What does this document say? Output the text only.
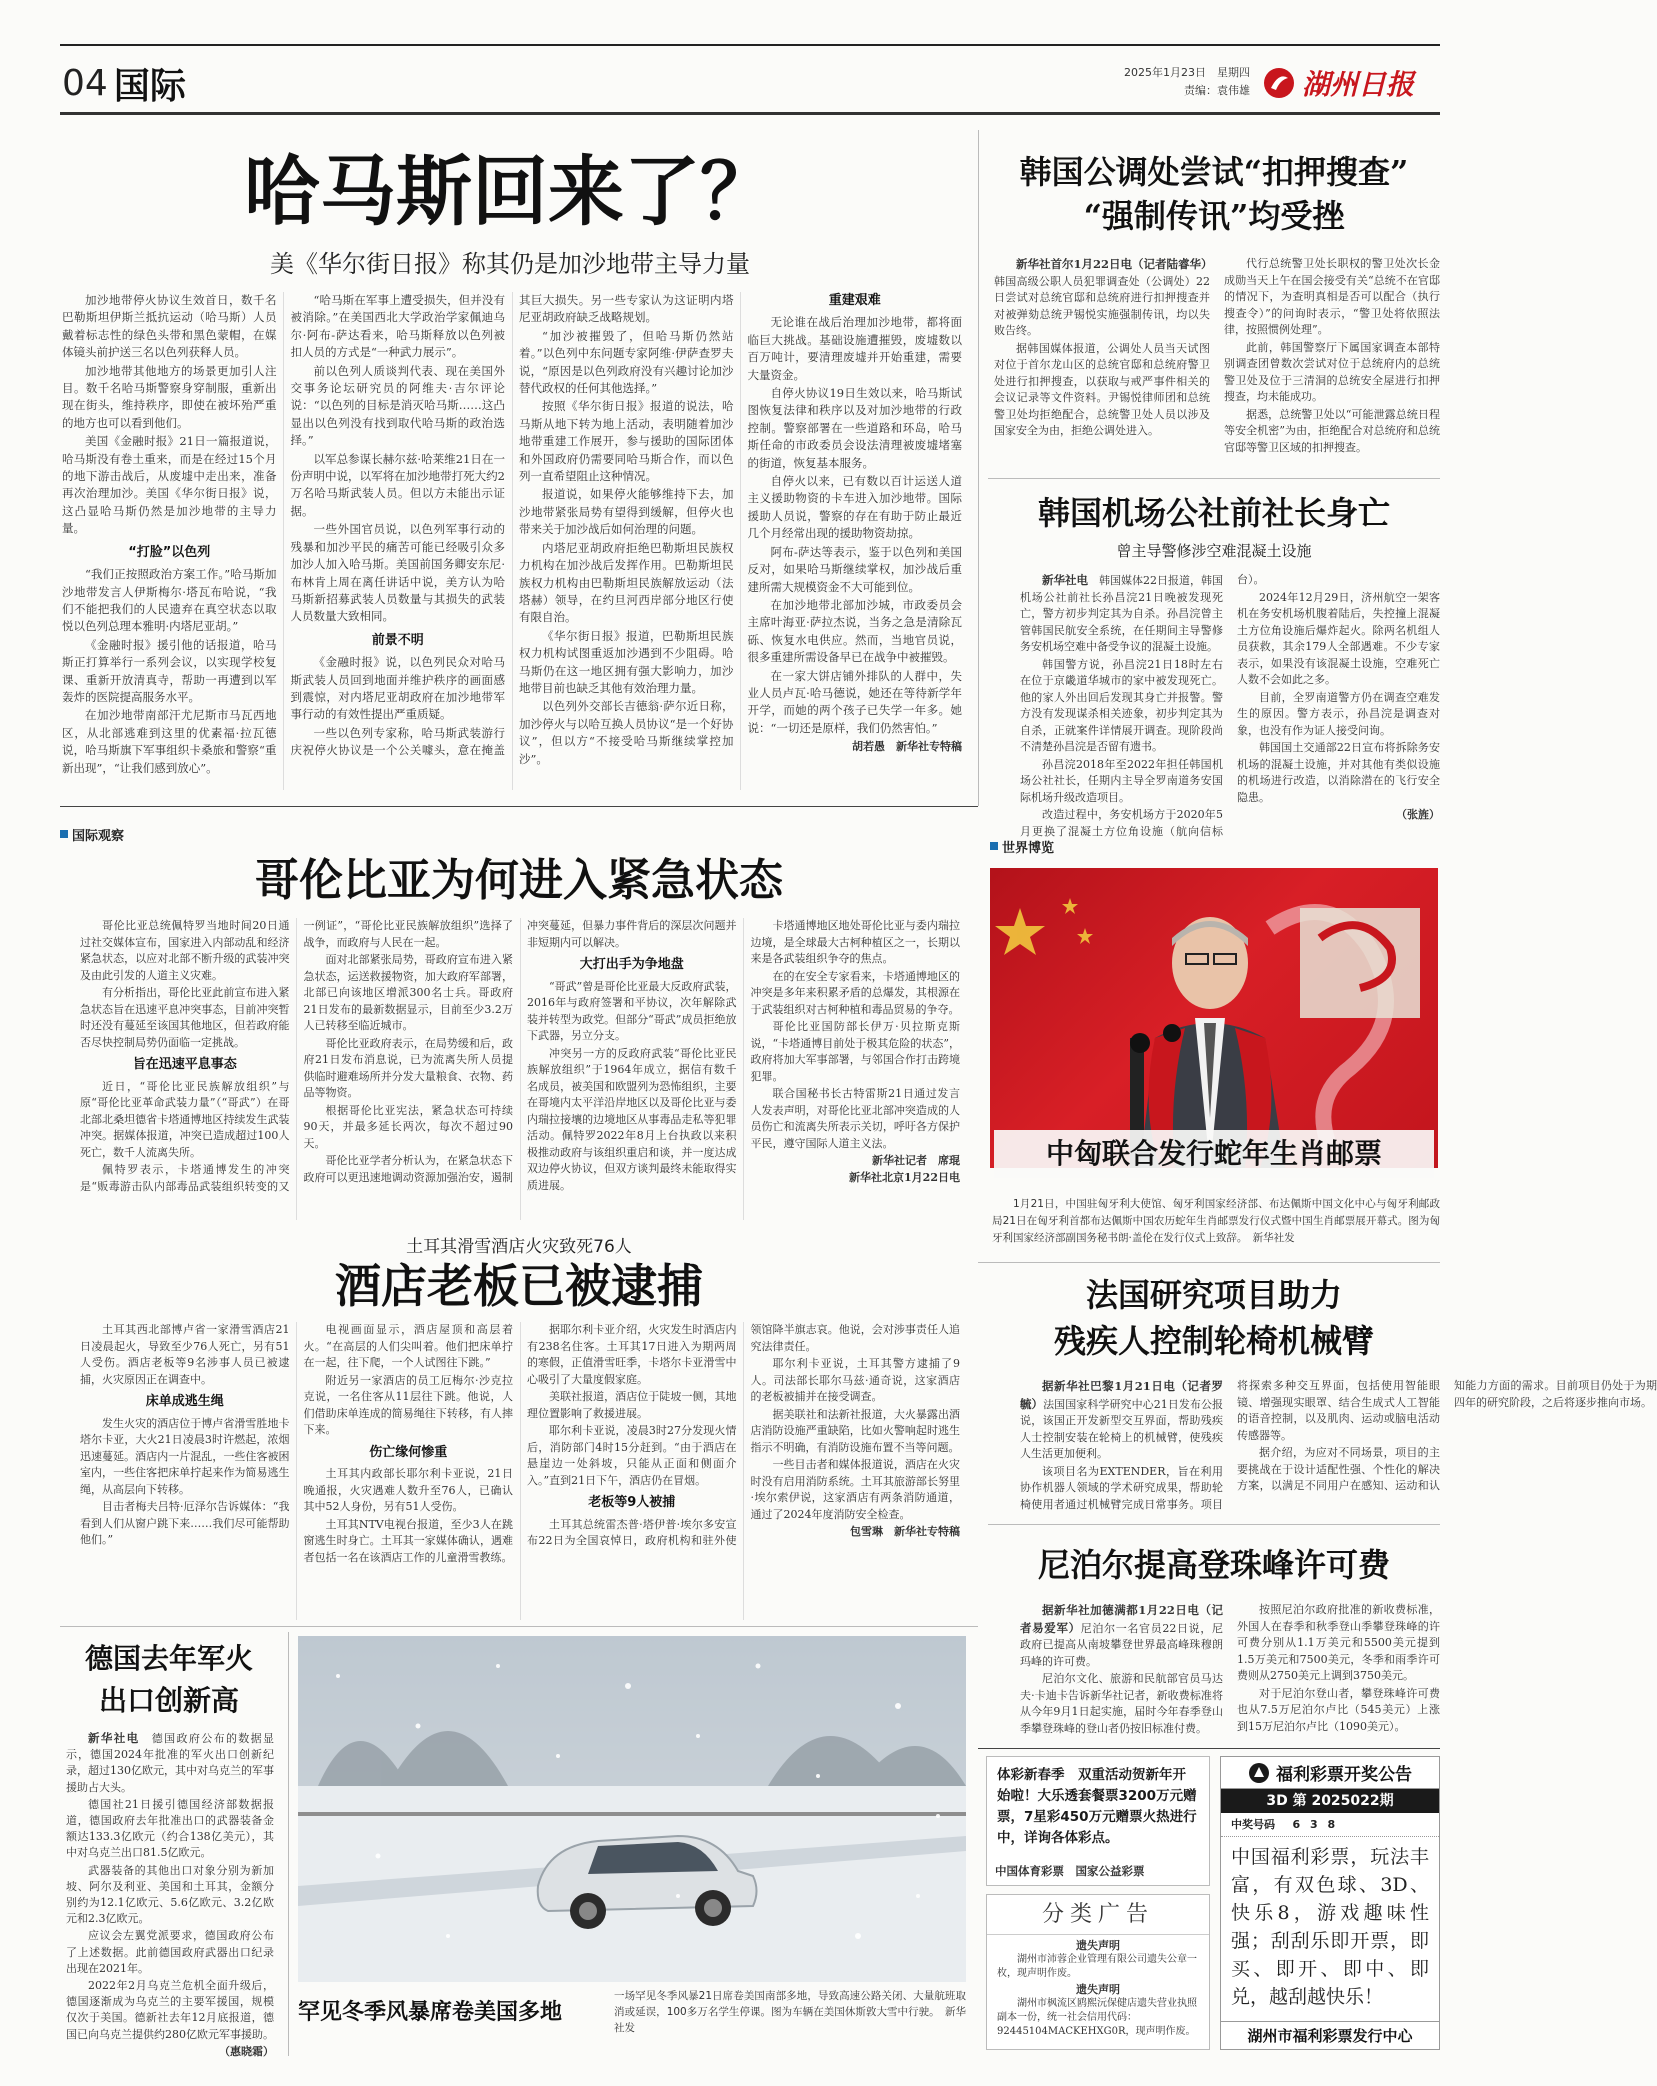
04 国际	2025年1月23日　星期四
责编：袁伟雄 湖州日报
哈马斯回来了？
美《华尔街日报》称其仍是加沙地带主导力量

加沙地带停火协议生效首日，数千名巴勒斯坦伊斯兰抵抗运动（哈马斯）人员戴着标志性的绿色头带和黑色蒙帽，在媒体镜头前护送三名以色列获释人员。

加沙地带其他地方的场景更加引人注目。数千名哈马斯警察身穿制服，重新出现在街头，维持秩序，即使在被坏殆严重的地方也可以看到他们。

美国《金融时报》21日一篇报道说，哈马斯没有卷土重来，而是在经过15个月的地下游击战后，从废墟中走出来，准备再次治理加沙。美国《华尔街日报》说，这凸显哈马斯仍然是加沙地带的主导力量。

“打脸”以色列

“我们正按照政治方案工作。”哈马斯加沙地带发言人伊斯梅尔·塔瓦布哈说，“我们不能把我们的人民遗弃在真空状态以取悦以色列总理本雅明·内塔尼亚胡。”

《金融时报》援引他的话报道，哈马斯正打算举行一系列会议，以实现学校复课、重新开放清真寺，帮助一再遭到以军轰炸的医院提高服务水平。

在加沙地带南部汗尤尼斯市马瓦西地区，从北部逃难到这里的优素福·拉瓦德说，哈马斯旗下军事组织卡桑旅和警察“重新出现”，“让我们感到放心”。

“哈马斯在军事上遭受损失，但并没有被消除。”在美国西北大学政治学家佩迪乌尔·阿布-萨达看来，哈马斯释放以色列被扣人员的方式是“一种武力展示”。

前以色列人质谈判代表、现在美国外交事务论坛研究员的阿维夫·吉尔评论说：“以色列的目标是消灭哈马斯……这凸显出以色列没有找到取代哈马斯的政治选择。”

以军总参谋长赫尔兹·哈莱维21日在一份声明中说，以军将在加沙地带打死大约2万名哈马斯武装人员。但以方未能出示证据。

一些外国官员说，以色列军事行动的残暴和加沙平民的痛苦可能已经吸引众多加沙人加入哈马斯。美国前国务卿安东尼·布林肯上周在离任讲话中说，美方认为哈马斯新招募武装人员数量与其损失的武装人员数量大致相同。

前景不明

《金融时报》说，以色列民众对哈马斯武装人员回到地面并维护秩序的画面感到震惊，对内塔尼亚胡政府在加沙地带军事行动的有效性提出严重质疑。

一些以色列专家称，哈马斯武装游行庆祝停火协议是一个公关噱头，意在掩盖其巨大损失。另一些专家认为这证明内塔尼亚胡政府缺乏战略规划。

“加沙被摧毁了，但哈马斯仍然站着。”以色列中东问题专家阿维·伊萨查罗夫说，“原因是以色列政府没有兴趣讨论加沙替代政权的任何其他选择。”

按照《华尔街日报》报道的说法，哈马斯从地下转为地上活动，表明随着加沙地带重建工作展开，参与援助的国际团体和外国政府仍需要同哈马斯合作，而以色列一直希望阻止这种情况。

报道说，如果停火能够维持下去，加沙地带紧张局势有望得到缓解，但停火也带来关于加沙战后如何治理的问题。

内塔尼亚胡政府拒绝巴勒斯坦民族权力机构在加沙战后发挥作用。巴勒斯坦民族权力机构由巴勒斯坦民族解放运动（法塔赫）领导，在约旦河西岸部分地区行使有限自治。

《华尔街日报》报道，巴勒斯坦民族权力机构试图重返加沙遇到不少阻碍。哈马斯仍在这一地区拥有强大影响力，加沙地带目前也缺乏其他有效治理力量。

以色列外交部长吉德翁·萨尔近日称，加沙停火与以哈互换人员协议“是一个好协议”，但以方“不接受哈马斯继续掌控加沙”。

重建艰难

无论谁在战后治理加沙地带，都将面临巨大挑战。基础设施遭摧毁，废墟数以百万吨计，要清理废墟并开始重建，需要大量资金。

自停火协议19日生效以来，哈马斯试图恢复法律和秩序以及对加沙地带的行政控制。警察部署在一些道路和环岛，哈马斯任命的市政委员会设法清理被废墟堵塞的街道，恢复基本服务。

自停火以来，已有数以百计运送人道主义援助物资的卡车进入加沙地带。国际援助人员说，警察的存在有助于防止最近几个月经常出现的援助物资劫掠。

阿布-萨达等表示，鉴于以色列和美国反对，如果哈马斯继续掌权，加沙战后重建所需大规模资金不大可能到位。

在加沙地带北部加沙城，市政委员会主席叶海亚·萨拉杰说，当务之急是清除瓦砾、恢复水电供应。然而，当地官员说，很多重建所需设备早已在战争中被摧毁。

在一家大饼店铺外排队的人群中，失业人员卢瓦·哈马德说，她还在等待新学年开学，而她的两个孩子已失学一年多。她说：“一切还是原样，我们仍然害怕。”

胡若愚　新华社专特稿
韩国公调处尝试“扣押搜查”
“强制传讯”均受挫

新华社首尔1月22日电（记者陆睿华）韩国高级公职人员犯罪调查处（公调处）22日尝试对总统官邸和总统府进行扣押搜查并对被弹劾总统尹锡悦实施强制传讯，均以失败告终。

据韩国媒体报道，公调处人员当天试图对位于首尔龙山区的总统官邸和总统府警卫处进行扣押搜查，以获取与戒严事件相关的会议记录等文件资料。尹锡悦律师团和总统警卫处均拒绝配合，总统警卫处人员以涉及国家安全为由，拒绝公调处进入。

代行总统警卫处长职权的警卫处次长金成勋当天上午在国会接受有关“总统不在官邸的情况下，为查明真相是否可以配合（执行搜查令）”的问询时表示，“警卫处将依照法律，按照惯例处理”。

此前，韩国警察厅下属国家调查本部特别调查团曾数次尝试对位于总统府内的总统警卫处及位于三清洞的总统安全屋进行扣押搜查，均未能成功。

据悉，总统警卫处以“可能泄露总统日程等安全机密”为由，拒绝配合对总统府和总统官邸等警卫区域的扣押搜查。

韩国机场公社前社长身亡
曾主导警修涉空难混凝土设施

新华社电　 韩国媒体22日报道，韩国机场公社前社长孙昌浣21日晚被发现死亡，警方初步判定其为自杀。孙昌浣曾主管韩国民航安全系统，在任期间主导警修务安机场空难中备受争议的混凝土设施。

韩国警方说，孙昌浣21日18时左右在位于京畿道华城市的家中被发现死亡。他的家人外出回后发现其身亡并报警。警方没有发现谋杀相关迹象，初步判定其为自杀，正就案件详情展开调查。现阶段尚不清楚孙昌浣是否留有遗书。

孙昌浣2018年至2022年担任韩国机场公社社长，任期内主导全罗南道务安国际机场升级改造项目。

改造过程中，务安机场方于2020年5月更换了混凝土方位角设施（航向信标台）。

2024年12月29日，济州航空一架客机在务安机场机腹着陆后，失控撞上混凝土方位角设施后爆炸起火。除两名机组人员获救，其余179人全部遇难。不少专家表示，如果没有该混凝土设施，空难死亡人数不会如此之多。

目前，全罗南道警方仍在调查空难发生的原因。警方表示，孙昌浣是调查对象，也没有作为证人接受问询。

韩国国土交通部22日宣布将拆除务安机场的混凝土设施，并对其他有类似设施的机场进行改造，以消除潜在的飞行安全隐患。

（张旌）
国际观察
哥伦比亚为何进入紧急状态

哥伦比亚总统佩特罗当地时间20日通过社交媒体宣布，国家进入内部动乱和经济紧急状态，以应对北部不断升级的武装冲突及由此引发的人道主义灾难。

有分析指出，哥伦比亚此前宣布进入紧急状态旨在迅速平息冲突事态，目前冲突暂时还没有蔓延至该国其他地区，但若政府能否尽快控制局势仍面临一定挑战。

旨在迅速平息事态

近日，“哥伦比亚民族解放组织”与原“哥伦比亚革命武装力量”（“哥武”）在哥北部北桑坦德省卡塔通博地区持续发生武装冲突。据媒体报道，冲突已造成超过100人死亡，数千人流离失所。

佩特罗表示，卡塔通博发生的冲突是“贩毒游击队内部毒品武装组织转变的又一例证”，“哥伦比亚民族解放组织”选择了战争，而政府与人民在一起。

面对北部紧张局势，哥政府宣布进入紧急状态，运送救援物资，加大政府军部署，北部已向该地区增派300名士兵。哥政府21日发布的最新数据显示，目前至少3.2万人已转移至临近城市。

哥伦比亚政府表示，在局势缓和后，政府21日发布消息说，已为流离失所人员提供临时避难场所并分发大量粮食、衣物、药品等物资。

根据哥伦比亚宪法，紧急状态可持续90天，并最多延长两次，每次不超过90天。

哥伦比亚学者分析认为，在紧急状态下政府可以更迅速地调动资源加强治安，遏制冲突蔓延，但暴力事件背后的深层次问题并非短期内可以解决。

大打出手为争地盘

“哥武”曾是哥伦比亚最大反政府武装，2016年与政府签署和平协议，次年解除武装并转型为政党。但部分“哥武”成员拒绝放下武器，另立分支。

冲突另一方的反政府武装“哥伦比亚民族解放组织”于1964年成立，据信有数千名成员，被美国和欧盟列为恐怖组织，主要在哥境内太平洋沿岸地区以及哥伦比亚与委内瑞拉接壤的边境地区从事毒品走私等犯罪活动。佩特罗2022年8月上台执政以来积极推动政府与该组织重启和谈，并一度达成双边停火协议，但双方谈判最终未能取得实质进展。

卡塔通博地区地处哥伦比亚与委内瑞拉边境，是全球最大古柯种植区之一，长期以来是各武装组织争夺的焦点。

在的在安全专家看来，卡塔通博地区的冲突是多年来积累矛盾的总爆发，其根源在于武装组织对古柯种植和毒品贸易的争夺。

哥伦比亚国防部长伊万·贝拉斯克斯说，“卡塔通博目前处于极其危险的状态”，政府将加大军事部署，与邻国合作打击跨境犯罪。

联合国秘书长古特雷斯21日通过发言人发表声明，对哥伦比亚北部冲突造成的人员伤亡和流离失所表示关切，呼吁各方保护平民，遵守国际人道主义法。

新华社记者　席琨
新华社北京1月22日电
世界博览
中匈联合发行蛇年生肖邮票
1月21日，中国驻匈牙利大使馆、匈牙利国家经济部、布达佩斯中国文化中心与匈牙利邮政局21日在匈牙利首都布达佩斯中国农历蛇年生肖邮票发行仪式暨中国生肖邮票展开幕式。图为匈牙利国家经济部副国务秘书朗·盖伦在发行仪式上致辞。　新华社发
土耳其滑雪酒店火灾致死76人
酒店老板已被逮捕

土耳其西北部博卢省一家滑雪酒店21日凌晨起火，导致至少76人死亡，另有51人受伤。酒店老板等9名涉事人员已被逮捕，火灾原因正在调查中。

床单成逃生绳

发生火灾的酒店位于博卢省滑雪胜地卡塔尔卡亚，大火21日凌晨3时许燃起，浓烟迅速蔓延。酒店内一片混乱，一些住客被困室内，一些住客把床单拧起来作为简易逃生绳，从高层向下转移。

目击者梅夫吕特·厄泽尔告诉媒体：“我看到人们从窗户跳下来……我们尽可能帮助他们。”

电视画面显示，酒店屋顶和高层着火。“在高层的人们尖叫着。他们把床单拧在一起，往下爬，一个人试图往下跳。”

附近另一家酒店的员工厄梅尔·沙克拉克说，一名住客从11层往下跳。他说，人们借助床单连成的简易绳往下转移，有人摔下来。

伤亡缘何惨重

土耳其内政部长耶尔利卡亚说，21日晚通报，火灾遇难人数升至76人，已确认其中52人身份，另有51人受伤。

土耳其NTV电视台报道，至少3人在跳窗逃生时身亡。土耳其一家媒体确认，遇难者包括一名在该酒店工作的儿童滑雪教练。

据耶尔利卡亚介绍，火灾发生时酒店内有238名住客。土耳其17日进入为期两周的寒假，正值滑雪旺季，卡塔尔卡亚滑雪中心吸引了大量度假家庭。

美联社报道，酒店位于陡坡一侧，其地理位置影响了救援进展。

耶尔利卡亚说，凌晨3时27分发现火情后，消防部门4时15分赶到。“由于酒店在悬崖边一处斜坡，只能从正面和侧面介入。”直到21日下午，酒店仍在冒烟。

老板等9人被捕

土耳其总统雷杰普·塔伊普·埃尔多安宣布22日为全国哀悼日，政府机构和驻外使领馆降半旗志哀。他说，会对涉事责任人追究法律责任。

耶尔利卡亚说，土耳其警方逮捕了9人。司法部长耶尔马兹·通奇说，这家酒店的老板被捕并在接受调查。

据美联社和法新社报道，大火暴露出酒店消防设施严重缺陷，比如火警响起时逃生指示不明确，有消防设施布置不当等问题。

一些目击者和媒体报道说，酒店在火灾时没有启用消防系统。土耳其旅游部长努里·埃尔索伊说，这家酒店有两条消防通道，通过了2024年度消防安全检查。

包雪琳　新华社专特稿
德国去年军火
出口创新高

新华社电　 德国政府公布的数据显示，德国2024年批准的军火出口创新纪录，超过130亿欧元，其中对乌克兰的军事援助占大头。

德国社21日援引德国经济部数据报道，德国政府去年批准出口的武器装备金额达133.3亿欧元（约合138亿美元），其中对乌克兰出口81.5亿欧元。

武器装备的其他出口对象分别为新加坡、阿尔及利亚、美国和土耳其，金额分别约为12.1亿欧元、5.6亿欧元、3.2亿欧元和2.3亿欧元。

应议会左翼党派要求，德国政府公布了上述数据。此前德国政府武器出口纪录出现在2021年。

2022年2月乌克兰危机全面升级后，德国逐渐成为乌克兰的主要军援国，规模仅次于美国。德新社去年12月底报道，德国已向乌克兰提供约280亿欧元军事援助。

（惠晓霜）
罕见冬季风暴席卷美国多地
一场罕见冬季风暴21日席卷美国南部多地，导致高速公路关闭、大量航班取消或延误，100多万名学生停课。图为车辆在美国休斯敦大雪中行驶。　新华社发
法国研究项目助力
残疾人控制轮椅机械臂

据新华社巴黎1月21日电（记者罗毓）法国国家科学研究中心21日发布公报说，该国正开发新型交互界面，帮助残疾人士控制安装在轮椅上的机械臂，使残疾人生活更加便利。

该项目名为EXTENDER，旨在利用协作机器人领域的学术研究成果，帮助轮椅使用者通过机械臂完成日常事务。项目将探索多种交互界面，包括使用智能眼镜、增强现实眼罩、结合生成式人工智能的语音控制，以及肌肉、运动或脑电活动传感器等。

据介绍，为应对不同场景，项目的主要挑战在于设计适配性强、个性化的解决方案，以满足不同用户在感知、运动和认知能力方面的需求。目前项目仍处于为期四年的研究阶段，之后将逐步推向市场。

尼泊尔提高登珠峰许可费

据新华社加德满都1月22日电（记者易爱军）尼泊尔一名官员22日说，尼政府已提高从南坡攀登世界最高峰珠穆朗玛峰的许可费。

尼泊尔文化、旅游和民航部官员马达夫·卡迪卡告诉新华社记者，新收费标准将从今年9月1日起实施，届时今年春季登山季攀登珠峰的登山者仍按旧标准付费。

按照尼泊尔政府批准的新收费标准，外国人在春季和秋季登山季攀登珠峰的许可费分别从1.1万美元和5500美元提到1.5万美元和7500美元，冬季和雨季许可费则从2750美元上调到3750美元。

对于尼泊尔登山者，攀登珠峰许可费也从7.5万尼泊尔卢比（545美元）上涨到15万尼泊尔卢比（1090美元）。

体彩新春季　双重活动贺新年开始啦！大乐透套餐票3200万元赠票，7星彩450万元赠票火热进行中，详询各体彩点。
中国体育彩票　国家公益彩票
分类广告
遗失声明
湖州市沛蓉企业管理有限公司遗失公章一枚，现声明作废。
遗失声明
湖州市枫流区鸥熙沅保健店遗失营业执照副本一份，统一社会信用代码：92445104MACKEHXG0R，现声明作废。
福利彩票开奖公告
3D 第 2025022期
中奖号码 6 3 8
中国福利彩票，玩法丰富，有双色球、3D、快乐8，游戏趣味性强；刮刮乐即开票，即买、即开、即中、即兑，越刮越快乐！
湖州市福利彩票发行中心
